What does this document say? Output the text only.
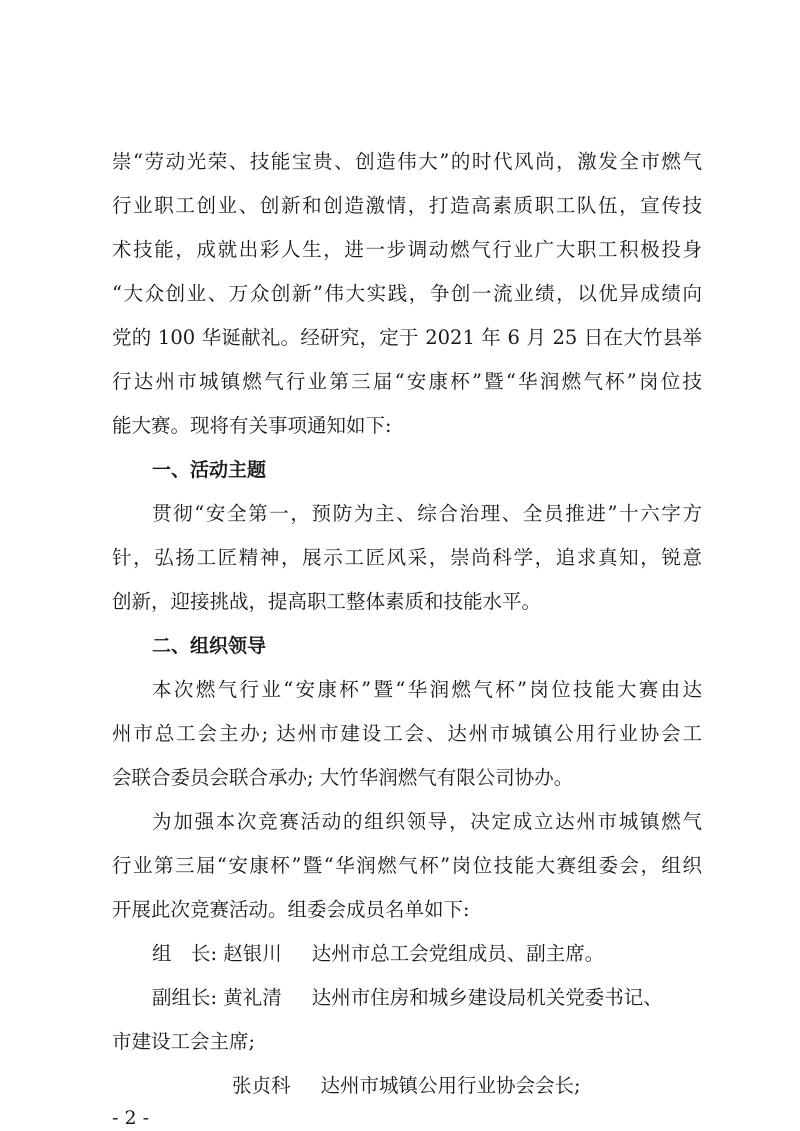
崇“劳动光荣、技能宝贵、创造伟大”的时代风尚，激发全市燃气
行业职工创业、创新和创造激情，打造高素质职工队伍，宣传技
术技能，成就出彩人生，进一步调动燃气行业广大职工积极投身
“大众创业、万众创新”伟大实践，争创一流业绩，以优异成绩向
党的 100 华诞献礼。经研究，定于 2021 年 6 月 25 日在大竹县举
行达州市城镇燃气行业第三届“安康杯”暨“华润燃气杯”岗位技
能大赛。现将有关事项通知如下:
一、活动主题
贯彻“安全第一，预防为主、综合治理、全员推进”十六字方
针，弘扬工匠精神，展示工匠风采，崇尚科学，追求真知，锐意
创新，迎接挑战，提高职工整体素质和技能水平。
二、组织领导
本次燃气行业“安康杯”暨“华润燃气杯”岗位技能大赛由达
州市总工会主办; 达州市建设工会、达州市城镇公用行业协会工
会联合委员会联合承办; 大竹华润燃气有限公司协办。
为加强本次竞赛活动的组织领导，决定成立达州市城镇燃气
行业第三届“安康杯”暨“华润燃气杯”岗位技能大赛组委会，组织
开展此次竞赛活动。组委会成员名单如下:
组　长: 赵银川 达州市总工会党组成员、副主席。
副组长: 黄礼清 达州市住房和城乡建设局机关党委书记、
市建设工会主席;
张贞科 达州市城镇公用行业协会会长;
- 2 -
